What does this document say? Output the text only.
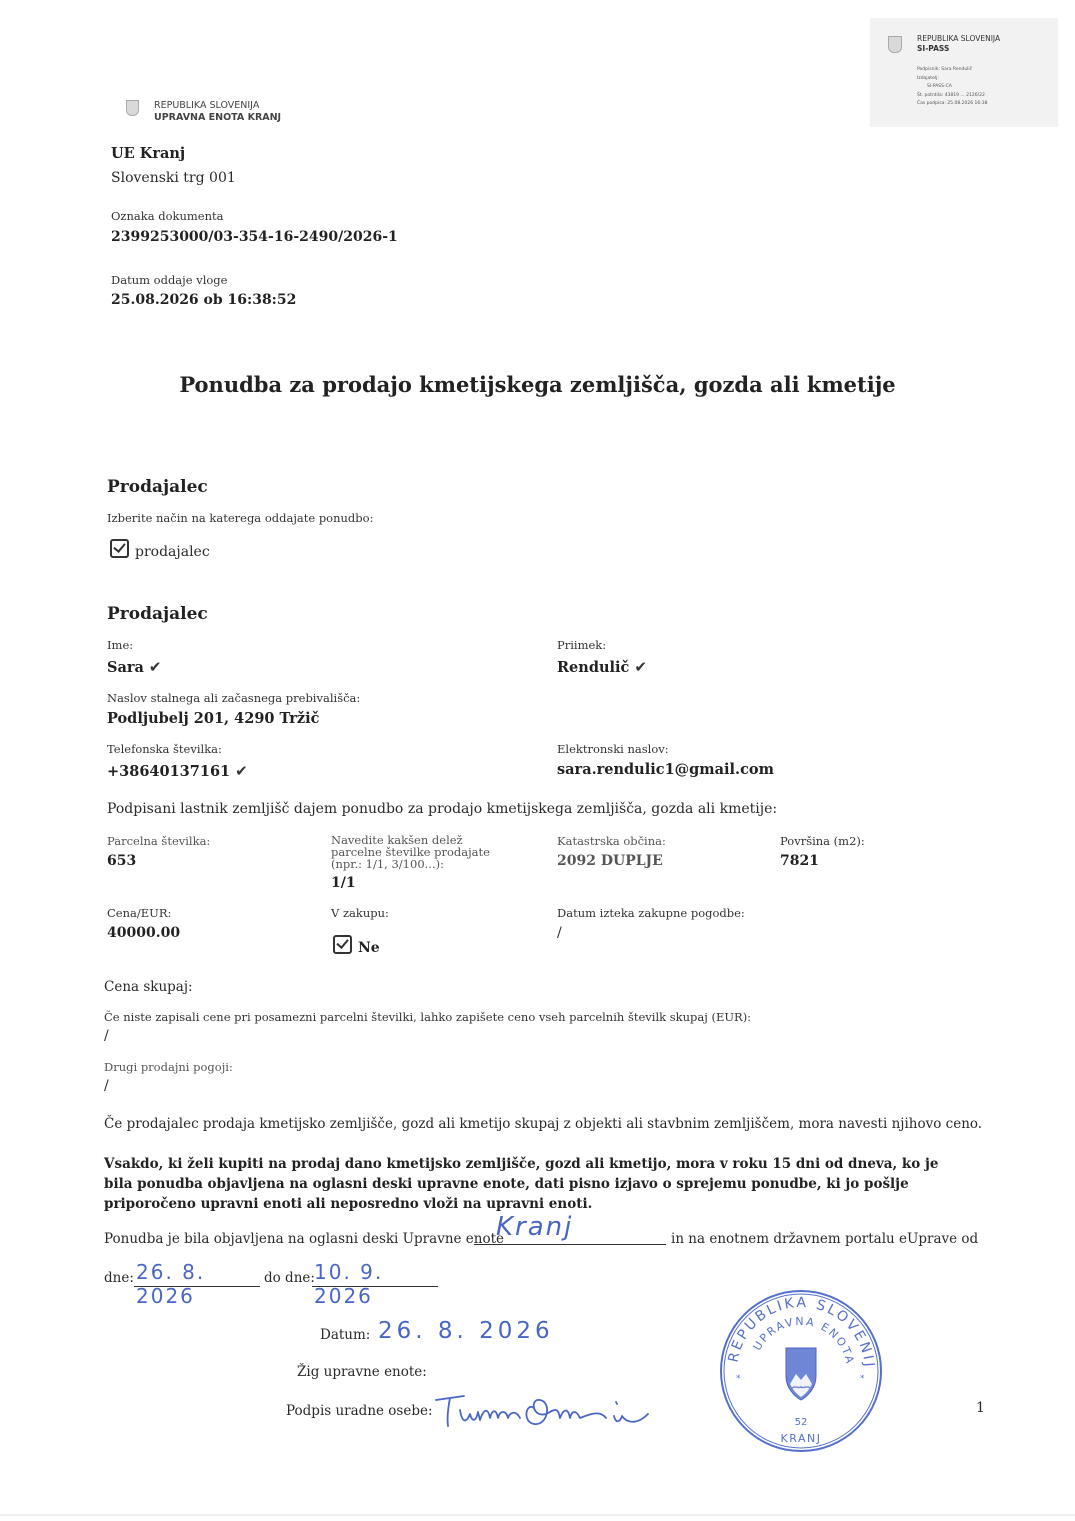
REPUBLIKA SLOVENIJA
SI-PASS
Podpisnik: Sara Rendulič
Izdajatelj:
SI-PASS-CA
Št. potrdila: 43819 ... 2126/22
Čas podpisa: 25.08.2026 16:38
REPUBLIKA SLOVENIJA
UPRAVNA ENOTA KRANJ
UE Kranj
Slovenski trg 001
Oznaka dokumenta
2399253000/03-354-16-2490/2026-1
Datum oddaje vloge
25.08.2026 ob 16:38:52
Ponudba za prodajo kmetijskega zemljišča, gozda ali kmetije
Prodajalec
Izberite način na katerega oddajate ponudbo:
prodajalec
Prodajalec
Ime:
Sara ✔
Priimek:
Rendulič ✔
Naslov stalnega ali začasnega prebivališča:
Podljubelj 201, 4290 Tržič
Telefonska številka:
+38640137161 ✔
Elektronski naslov:
sara.rendulic1@gmail.com
Podpisani lastnik zemljišč dajem ponudbo za prodajo kmetijskega zemljišča, gozda ali kmetije:
Parcelna številka:
653
Navedite kakšen delež parcelne številke prodajate (npr.: 1/1, 3/100...):
1/1
Katastrska občina:
2092 DUPLJE
Površina (m2):
7821
Cena/EUR:
40000.00
V zakupu:
Ne
Datum izteka zakupne pogodbe:
/
Cena skupaj:
Če niste zapisali cene pri posamezni parcelni številki, lahko zapišete ceno vseh parcelnih številk skupaj (EUR):
/
Drugi prodajni pogoji:
/
Če prodajalec prodaja kmetijsko zemljišče, gozd ali kmetijo skupaj z objekti ali stavbnim zemljiščem, mora navesti njihovo ceno.
Vsakdo, ki želi kupiti na prodaj dano kmetijsko zemljišče, gozd ali kmetijo, mora v roku 15 dni od dneva, ko je bila ponudba objavljena na oglasni deski upravne enote, dati pisno izjavo o sprejemu ponudbe, ki jo pošlje priporočeno upravni enoti ali neposredno vloži na upravni enoti.
Ponudba je bila objavljena na oglasni deski Upravne enote
Kranj	in na enotnem državnem portalu eUprave od
dne: 26. 8. 2026
do dne: 10. 9. 2026
Datum: 26. 8. 2026
Žig upravne enote:
Podpis uradne osebe:
REPUBLIKA SLOVENIJ
UPRAVNA ENOTA
*	*
52
KRANJ
1
